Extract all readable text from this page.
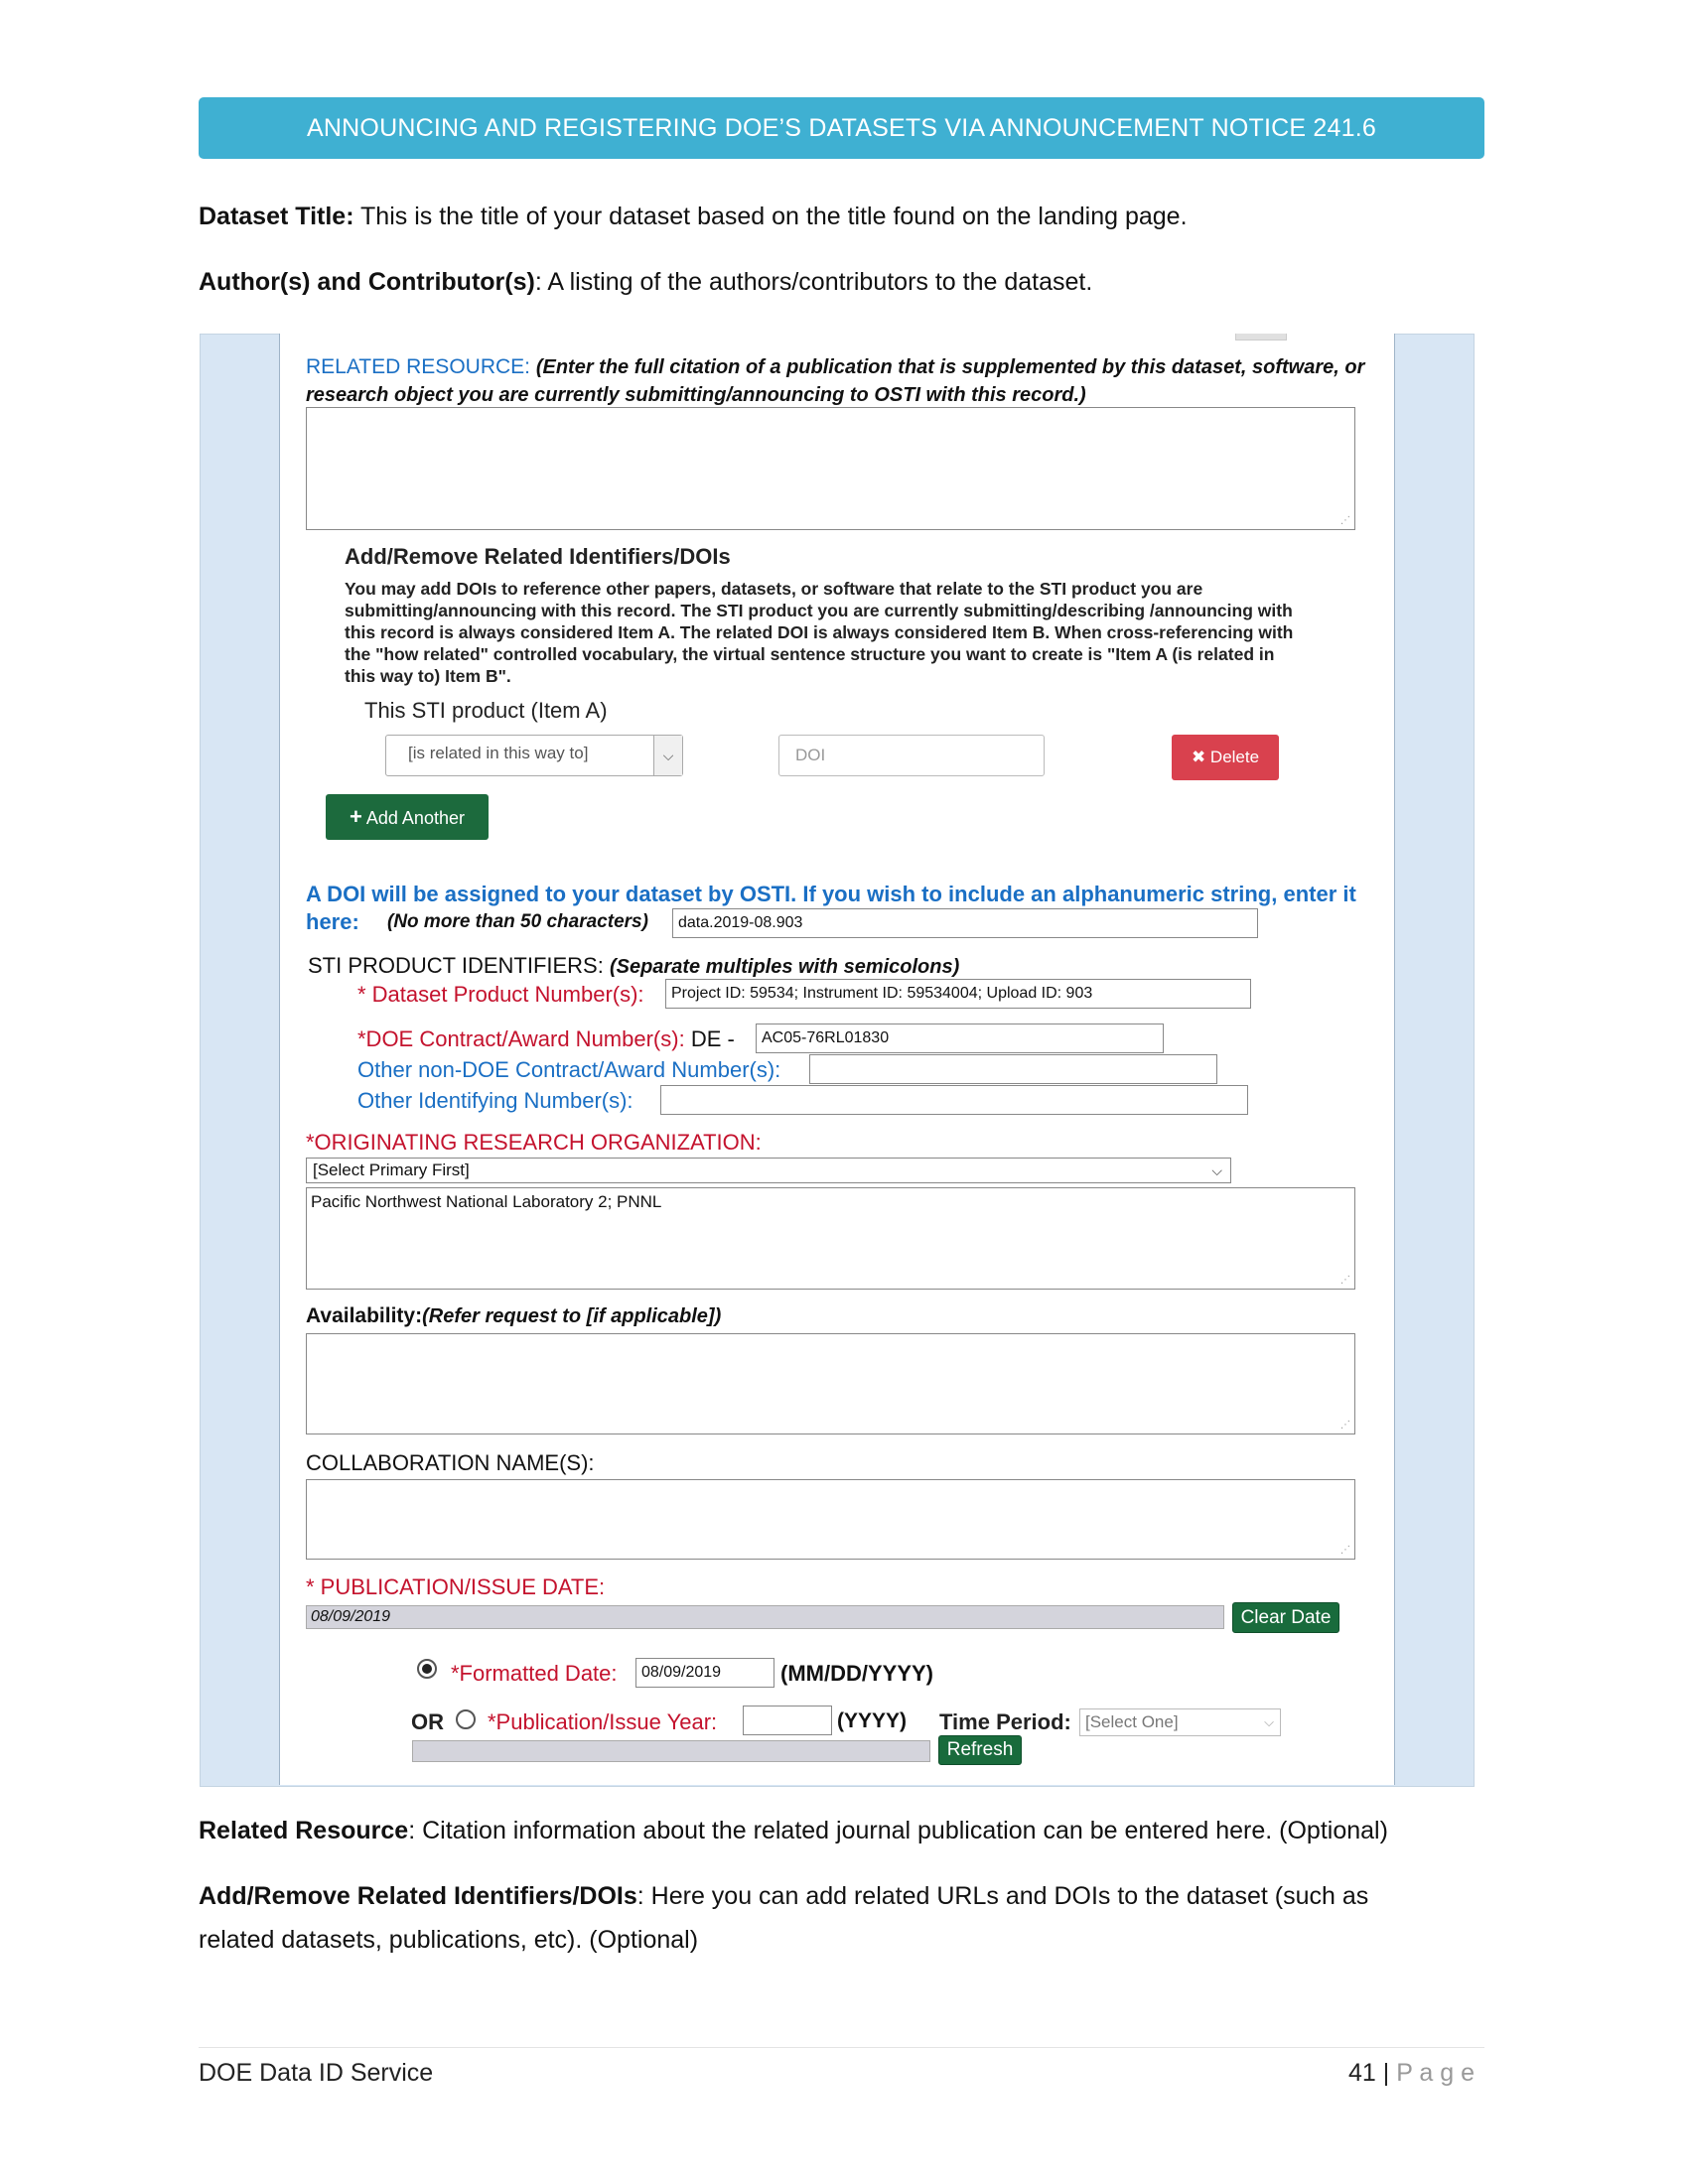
ANNOUNCING AND REGISTERING DOE’S DATASETS VIA ANNOUNCEMENT NOTICE 241.6
Dataset Title: This is the title of your dataset based on the title found on the landing page.
Author(s) and Contributor(s): A listing of the authors/contributors to the dataset.
RELATED RESOURCE: (Enter the full citation of a publication that is supplemented by this dataset, software, or research object you are currently submitting/announcing to OSTI with this record.)
⋰
Add/Remove Related Identifiers/DOIs
You may add DOIs to reference other papers, datasets, or software that relate to the STI product you are submitting/announcing with this record. The STI product you are currently submitting/describing /announcing with this record is always considered Item A. The related DOI is always considered Item B. When cross-referencing with the "how related" controlled vocabulary, the virtual sentence structure you want to create is "Item A (is related in this way to) Item B".
This STI product (Item A)
[is related in this way to]	⌵	DOI	✖ Delete
+ Add Another
A DOI will be assigned to your dataset by OSTI. If you wish to include an alphanumeric string, enter it here:	(No more than 50 characters)	data.2019-08.903
STI PRODUCT IDENTIFIERS: (Separate multiples with semicolons)
* Dataset Product Number(s):	Project ID: 59534; Instrument ID: 59534004; Upload ID: 903
*DOE Contract/Award Number(s): DE -	AC05-76RL01830
Other non-DOE Contract/Award Number(s):
Other Identifying Number(s):
*ORIGINATING RESEARCH ORGANIZATION:
[Select Primary First]	⌵
Pacific Northwest National Laboratory 2; PNNL
⋰
Availability:(Refer request to [if applicable])
⋰
COLLABORATION NAME(S):
⋰
* PUBLICATION/ISSUE DATE:
08/09/2019	Clear Date
*Formatted Date:	08/09/2019	(MM/DD/YYYY)
OR *Publication/Issue Year:	(YYYY) Time Period: [Select One]	⌵
Refresh
Related Resource: Citation information about the related journal publication can be entered here. (Optional)
Add/Remove Related Identifiers/DOIs: Here you can add related URLs and DOIs to the dataset (such as related datasets, publications, etc). (Optional)
DOE Data ID Service	41 | P a g e
